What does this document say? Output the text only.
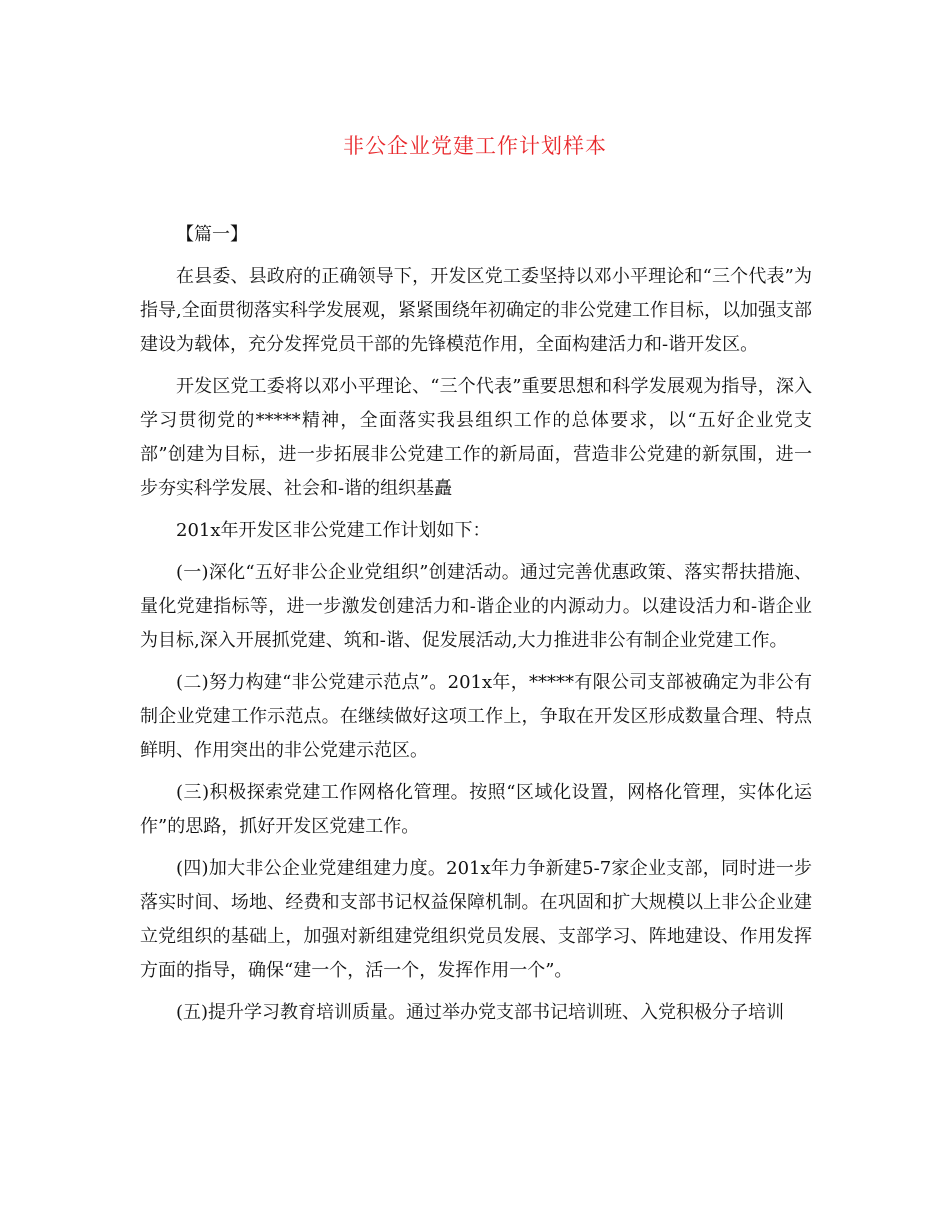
非公企业党建工作计划样本

【篇一】

在县委、县政府的正确领导下，开发区党工委坚持以邓小平理论和“三个代表”为指导,全面贯彻落实科学发展观，紧紧围绕年初确定的非公党建工作目标，以加强支部建设为载体，充分发挥党员干部的先锋模范作用，全面构建活力和-谐开发区。

开发区党工委将以邓小平理论、“三个代表”重要思想和科学发展观为指导，深入学习贯彻党的*****精神，全面落实我县组织工作的总体要求，以“五好企业党支部”创建为目标，进一步拓展非公党建工作的新局面，营造非公党建的新氛围，进一步夯实科学发展、社会和-谐的组织基矗

201x年开发区非公党建工作计划如下：

(一)深化“五好非公企业党组织”创建活动。通过完善优惠政策、落实帮扶措施、量化党建指标等，进一步激发创建活力和-谐企业的内源动力。以建设活力和-谐企业为目标,深入开展抓党建、筑和-谐、促发展活动,大力推进非公有制企业党建工作。

(二)努力构建“非公党建示范点”。201x年，*****有限公司支部被确定为非公有制企业党建工作示范点。在继续做好这项工作上，争取在开发区形成数量合理、特点鲜明、作用突出的非公党建示范区。

(三)积极探索党建工作网格化管理。按照“区域化设置，网格化管理，实体化运作”的思路，抓好开发区党建工作。

(四)加大非公企业党建组建力度。201x年力争新建5-7家企业支部，同时进一步落实时间、场地、经费和支部书记权益保障机制。在巩固和扩大规模以上非公企业建立党组织的基础上，加强对新组建党组织党员发展、支部学习、阵地建设、作用发挥方面的指导，确保“建一个，活一个，发挥作用一个”。

(五)提升学习教育培训质量。通过举办党支部书记培训班、入党积极分子培训
